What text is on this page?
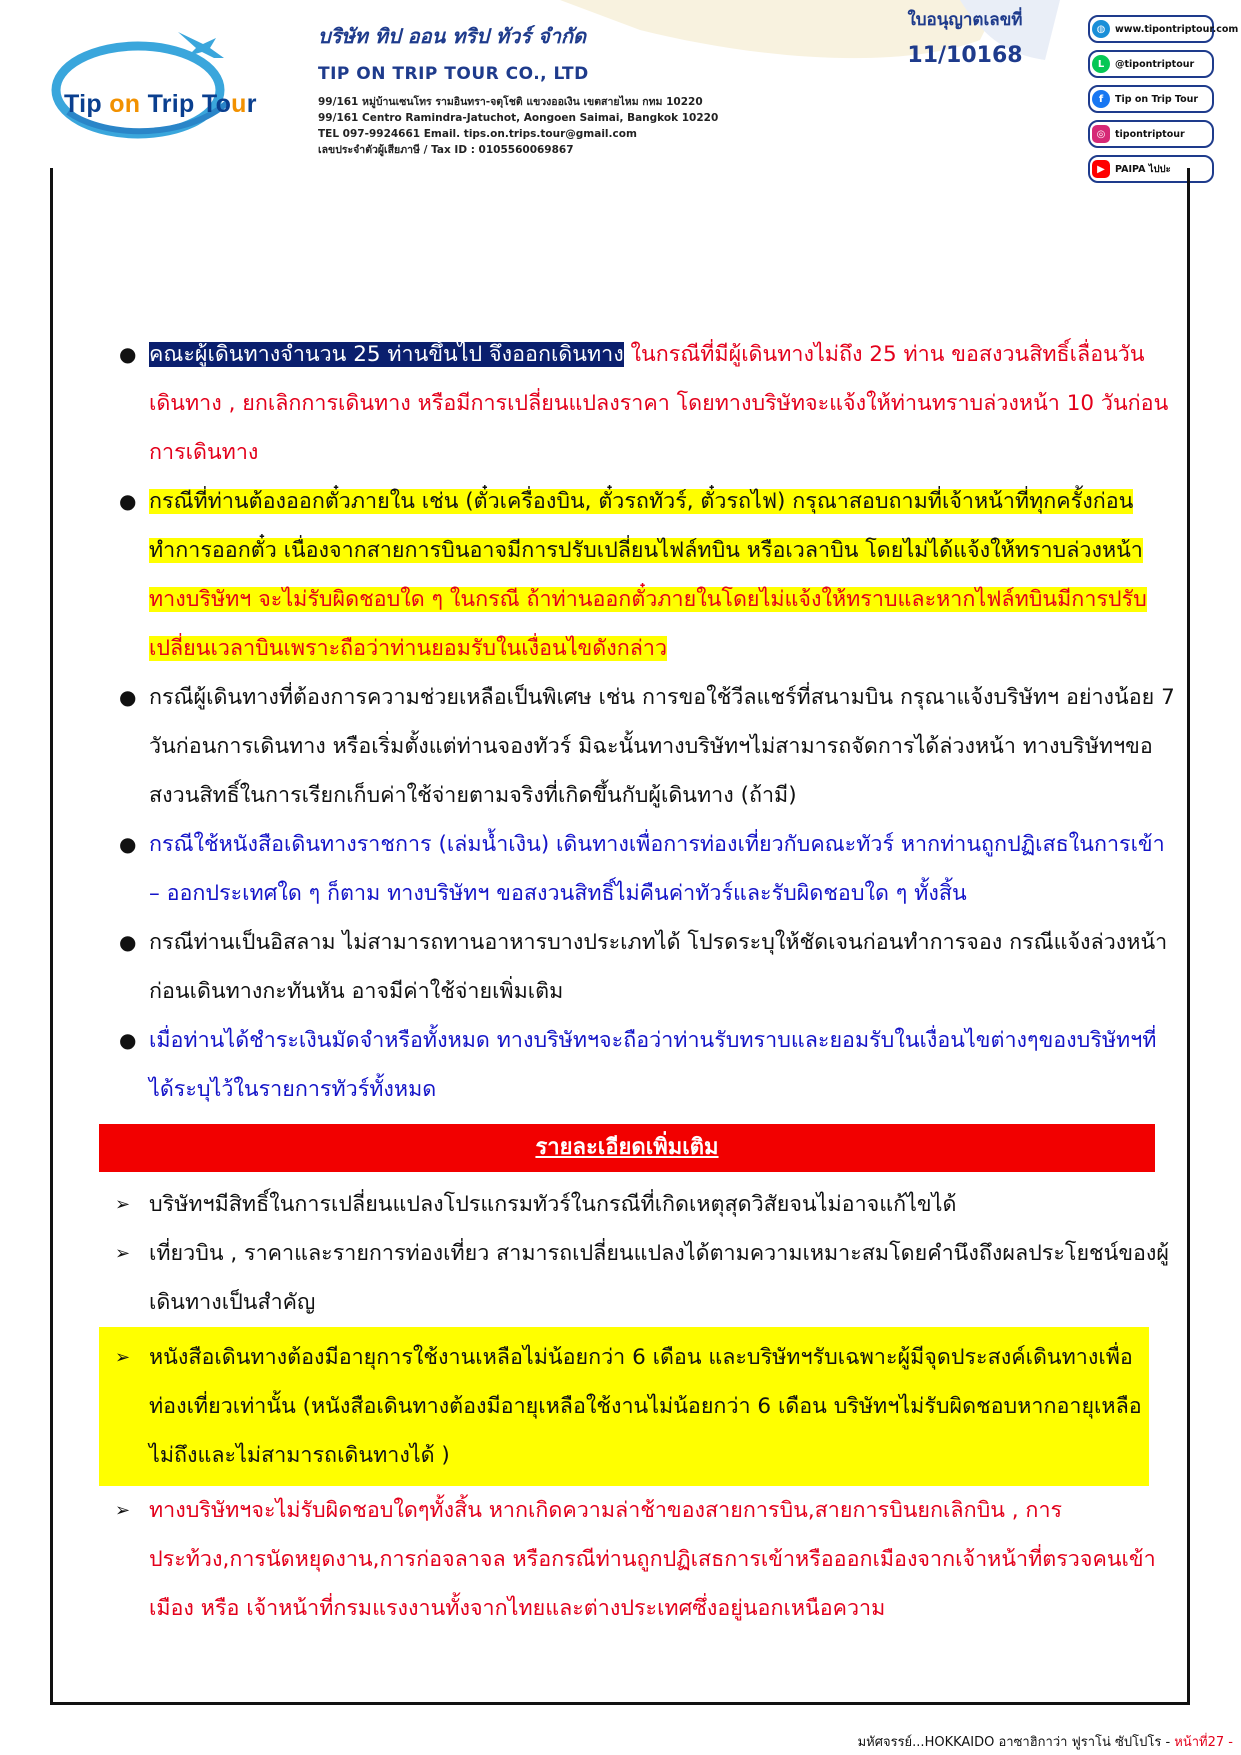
Tip on Trip Tour
บริษัท ทิป ออน ทริป ทัวร์ จำกัด
TIP ON TRIP TOUR CO., LTD
99/161 หมู่บ้านเซนโทร รามอินทรา-จตุโชติ แขวงออเงิน เขตสายไหม กทม 10220
99/161 Centro Ramindra-Jatuchot, Aongoen Saimai, Bangkok 10220
TEL 097-9924661 Email. tips.on.trips.tour@gmail.com
เลขประจำตัวผู้เสียภาษี / Tax ID : 0105560069867
ใบอนุญาตเลขที่
11/10168
◍	www.tipontriptour.com
L	@tipontriptour
f	Tip on Trip Tour
◎	tipontriptour
▶	PAIPA ไปปะ
● คณะผู้เดินทางจำนวน 25 ท่านขึ้นไป จึงออกเดินทาง ในกรณีที่มีผู้เดินทางไม่ถึง 25 ท่าน ขอสงวนสิทธิ์เลื่อนวันเดินทาง , ยกเลิกการเดินทาง หรือมีการเปลี่ยนแปลงราคา โดยทางบริษัทจะแจ้งให้ท่านทราบล่วงหน้า 10 วันก่อนการเดินทาง
● กรณีที่ท่านต้องออกตั๋วภายใน เช่น (ตั๋วเครื่องบิน, ตั๋วรถทัวร์, ตั๋วรถไฟ) กรุณาสอบถามที่เจ้าหน้าที่ทุกครั้งก่อนทำการออกตั๋ว เนื่องจากสายการบินอาจมีการปรับเปลี่ยนไฟล์ทบิน หรือเวลาบิน โดยไม่ได้แจ้งให้ทราบล่วงหน้า ทางบริษัทฯ จะไม่รับผิดชอบใด ๆ ในกรณี ถ้าท่านออกตั๋วภายในโดยไม่แจ้งให้ทราบและหากไฟล์ทบินมีการปรับเปลี่ยนเวลาบินเพราะถือว่าท่านยอมรับในเงื่อนไขดังกล่าว
● กรณีผู้เดินทางที่ต้องการความช่วยเหลือเป็นพิเศษ เช่น การขอใช้วีลแชร์ที่สนามบิน กรุณาแจ้งบริษัทฯ อย่างน้อย 7 วันก่อนการเดินทาง หรือเริ่มตั้งแต่ท่านจองทัวร์ มิฉะนั้นทางบริษัทฯไม่สามารถจัดการได้ล่วงหน้า ทางบริษัทฯขอสงวนสิทธิ์ในการเรียกเก็บค่าใช้จ่ายตามจริงที่เกิดขึ้นกับผู้เดินทาง (ถ้ามี)
● กรณีใช้หนังสือเดินทางราชการ (เล่มน้ำเงิน) เดินทางเพื่อการท่องเที่ยวกับคณะทัวร์ หากท่านถูกปฏิเสธในการเข้า – ออกประเทศใด ๆ ก็ตาม ทางบริษัทฯ ขอสงวนสิทธิ์ไม่คืนค่าทัวร์และรับผิดชอบใด ๆ ทั้งสิ้น
● กรณีท่านเป็นอิสลาม ไม่สามารถทานอาหารบางประเภทได้ โปรดระบุให้ชัดเจนก่อนทำการจอง กรณีแจ้งล่วงหน้าก่อนเดินทางกะทันหัน อาจมีค่าใช้จ่ายเพิ่มเติม
● เมื่อท่านได้ชำระเงินมัดจำหรือทั้งหมด ทางบริษัทฯจะถือว่าท่านรับทราบและยอมรับในเงื่อนไขต่างๆของบริษัทฯที่ได้ระบุไว้ในรายการทัวร์ทั้งหมด
รายละเอียดเพิ่มเติม
➢ บริษัทฯมีสิทธิ์ในการเปลี่ยนแปลงโปรแกรมทัวร์ในกรณีที่เกิดเหตุสุดวิสัยจนไม่อาจแก้ไขได้
➢ เที่ยวบิน , ราคาและรายการท่องเที่ยว สามารถเปลี่ยนแปลงได้ตามความเหมาะสมโดยคำนึงถึงผลประโยชน์ของผู้เดินทางเป็นสำคัญ
➢ หนังสือเดินทางต้องมีอายุการใช้งานเหลือไม่น้อยกว่า 6 เดือน และบริษัทฯรับเฉพาะผู้มีจุดประสงค์เดินทางเพื่อท่องเที่ยวเท่านั้น (หนังสือเดินทางต้องมีอายุเหลือใช้งานไม่น้อยกว่า 6 เดือน บริษัทฯไม่รับผิดชอบหากอายุเหลือไม่ถึงและไม่สามารถเดินทางได้ )
➢ ทางบริษัทฯจะไม่รับผิดชอบใดๆทั้งสิ้น หากเกิดความล่าช้าของสายการบิน,สายการบินยกเลิกบิน , การประท้วง,การนัดหยุดงาน,การก่อจลาจล หรือกรณีท่านถูกปฏิเสธการเข้าหรือออกเมืองจากเจ้าหน้าที่ตรวจคนเข้าเมือง หรือ เจ้าหน้าที่กรมแรงงานทั้งจากไทยและต่างประเทศซึ่งอยู่นอกเหนือความ
มหัศจรรย์...HOKKAIDO อาซาฮิกาว่า ฟูราโน่ ซัปโปโร - หน้าที่27 -
